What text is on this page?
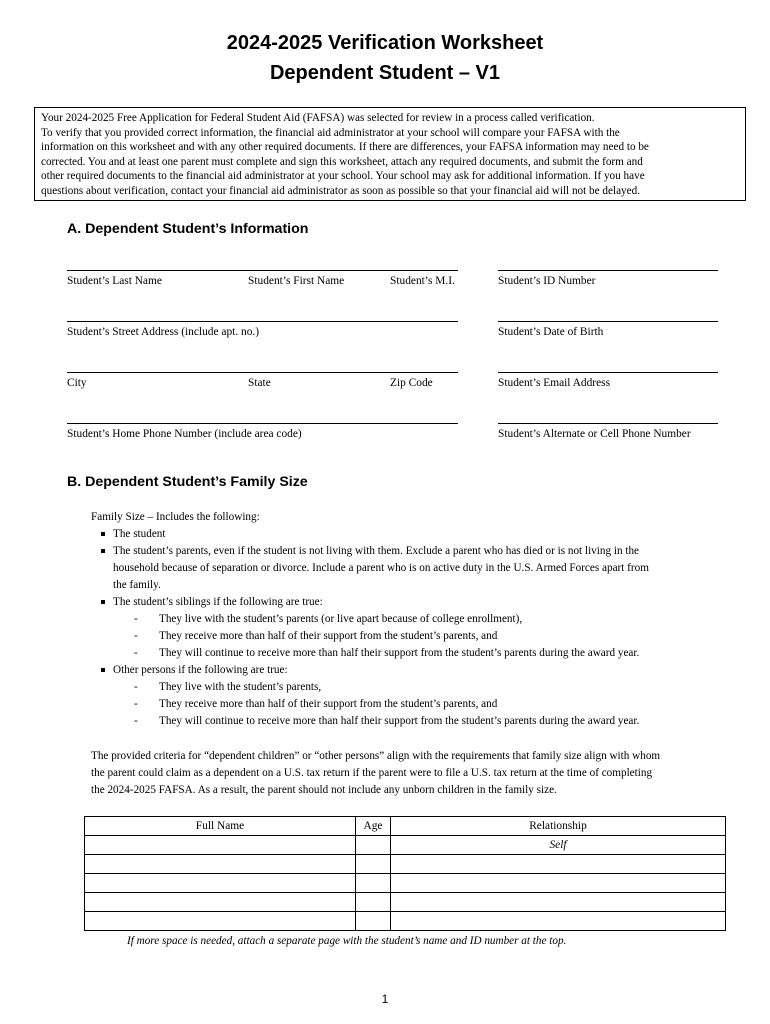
2024-2025 Verification Worksheet
Dependent Student – V1
Your 2024-2025 Free Application for Federal Student Aid (FAFSA) was selected for review in a process called verification.
To verify that you provided correct information, the financial aid administrator at your school will compare your FAFSA with the
information on this worksheet and with any other required documents. If there are differences, your FAFSA information may need to be
corrected. You and at least one parent must complete and sign this worksheet, attach any required documents, and submit the form and
other required documents to the financial aid administrator at your school. Your school may ask for additional information. If you have
questions about verification, contact your financial aid administrator as soon as possible so that your financial aid will not be delayed.
A. Dependent Student’s Information
Student’s Last Name	Student’s First Name	Student’s M.I.	Student’s ID Number
Student’s Street Address (include apt. no.)	Student’s Date of Birth
City	State	Zip Code	Student’s Email Address
Student’s Home Phone Number (include area code)	Student’s Alternate or Cell Phone Number
B. Dependent Student’s Family Size
Family Size – Includes the following:
The student
The student’s parents, even if the student is not living with them. Exclude a parent who has died or is not living in the
household because of separation or divorce. Include a parent who is on active duty in the U.S. Armed Forces apart from
the family.
The student’s siblings if the following are true:
- They live with the student’s parents (or live apart because of college enrollment),
- They receive more than half of their support from the student’s parents, and
- They will continue to receive more than half their support from the student’s parents during the award year.
Other persons if the following are true:
- They live with the student’s parents,
- They receive more than half of their support from the student’s parents, and
- They will continue to receive more than half their support from the student’s parents during the award year.

The provided criteria for “dependent children” or “other persons” align with the requirements that family size align with whom

the parent could claim as a dependent on a U.S. tax return if the parent were to file a U.S. tax return at the time of completing

the 2024-2025 FAFSA. As a result, the parent should not include any unborn children in the family size.

Full Name	Age	Relationship
		Self

If more space is needed, attach a separate page with the student’s name and ID number at the top.
1
